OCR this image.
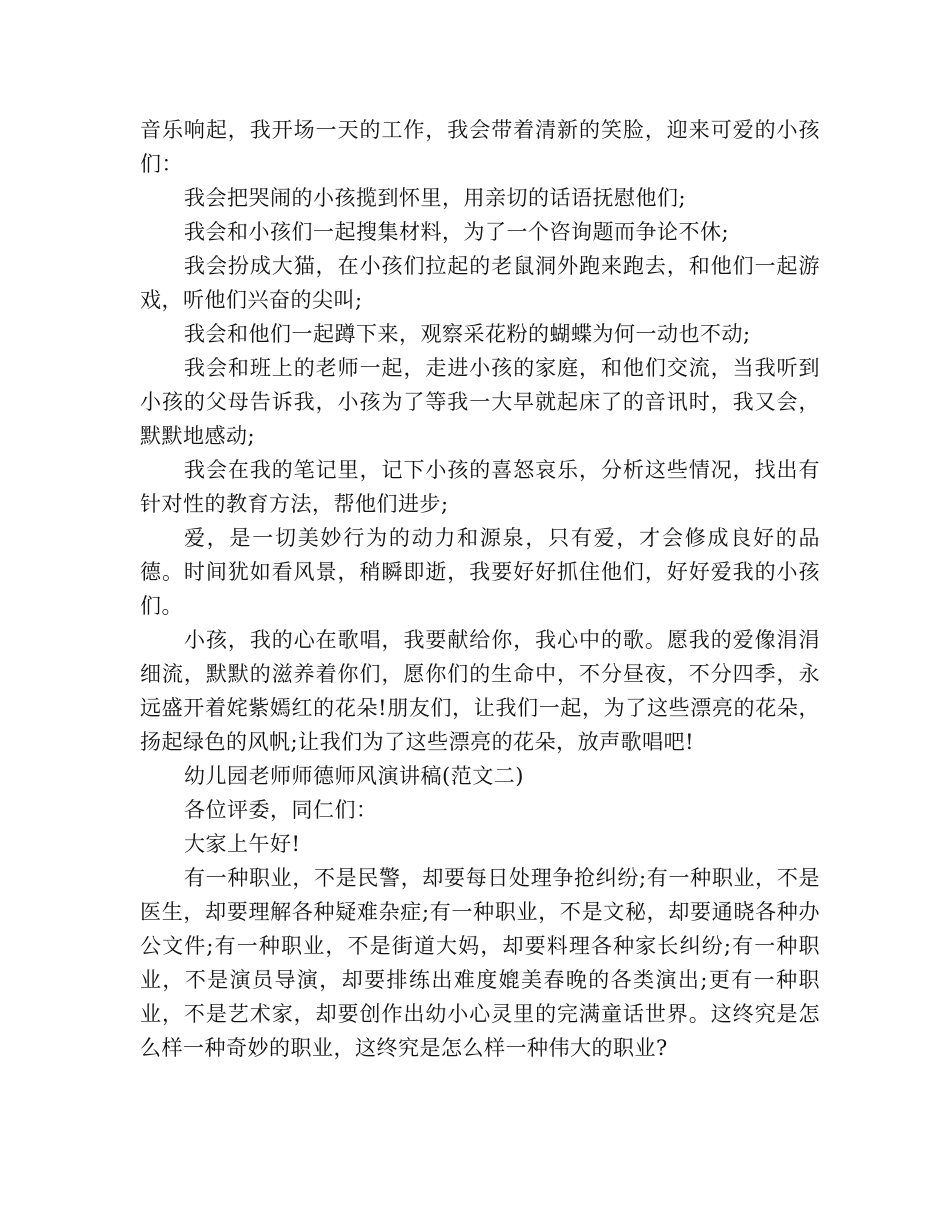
音乐响起，我开场一天的工作，我会带着清新的笑脸，迎来可爱的小孩们：

我会把哭闹的小孩揽到怀里，用亲切的话语抚慰他们;

我会和小孩们一起搜集材料，为了一个咨询题而争论不休;

我会扮成大猫，在小孩们拉起的老鼠洞外跑来跑去，和他们一起游戏，听他们兴奋的尖叫;

我会和他们一起蹲下来，观察采花粉的蝴蝶为何一动也不动;

我会和班上的老师一起，走进小孩的家庭，和他们交流，当我听到小孩的父母告诉我，小孩为了等我一大早就起床了的音讯时，我又会，默默地感动;

我会在我的笔记里，记下小孩的喜怒哀乐，分析这些情况，找出有针对性的教育方法，帮他们进步;

爱，是一切美妙行为的动力和源泉，只有爱，才会修成良好的品德。时间犹如看风景，稍瞬即逝，我要好好抓住他们，好好爱我的小孩们。

小孩，我的心在歌唱，我要献给你，我心中的歌。愿我的爱像涓涓细流，默默的滋养着你们，愿你们的生命中，不分昼夜，不分四季，永远盛开着姹紫嫣红的花朵!朋友们，让我们一起，为了这些漂亮的花朵，扬起绿色的风帆;让我们为了这些漂亮的花朵，放声歌唱吧!

幼儿园老师师德师风演讲稿(范文二)

各位评委，同仁们：

大家上午好!

有一种职业，不是民警，却要每日处理争抢纠纷;有一种职业，不是医生，却要理解各种疑难杂症;有一种职业，不是文秘，却要通晓各种办公文件;有一种职业，不是街道大妈，却要料理各种家长纠纷;有一种职业，不是演员导演，却要排练出难度媲美春晚的各类演出;更有一种职业，不是艺术家，却要创作出幼小心灵里的完满童话世界。这终究是怎么样一种奇妙的职业，这终究是怎么样一种伟大的职业?
